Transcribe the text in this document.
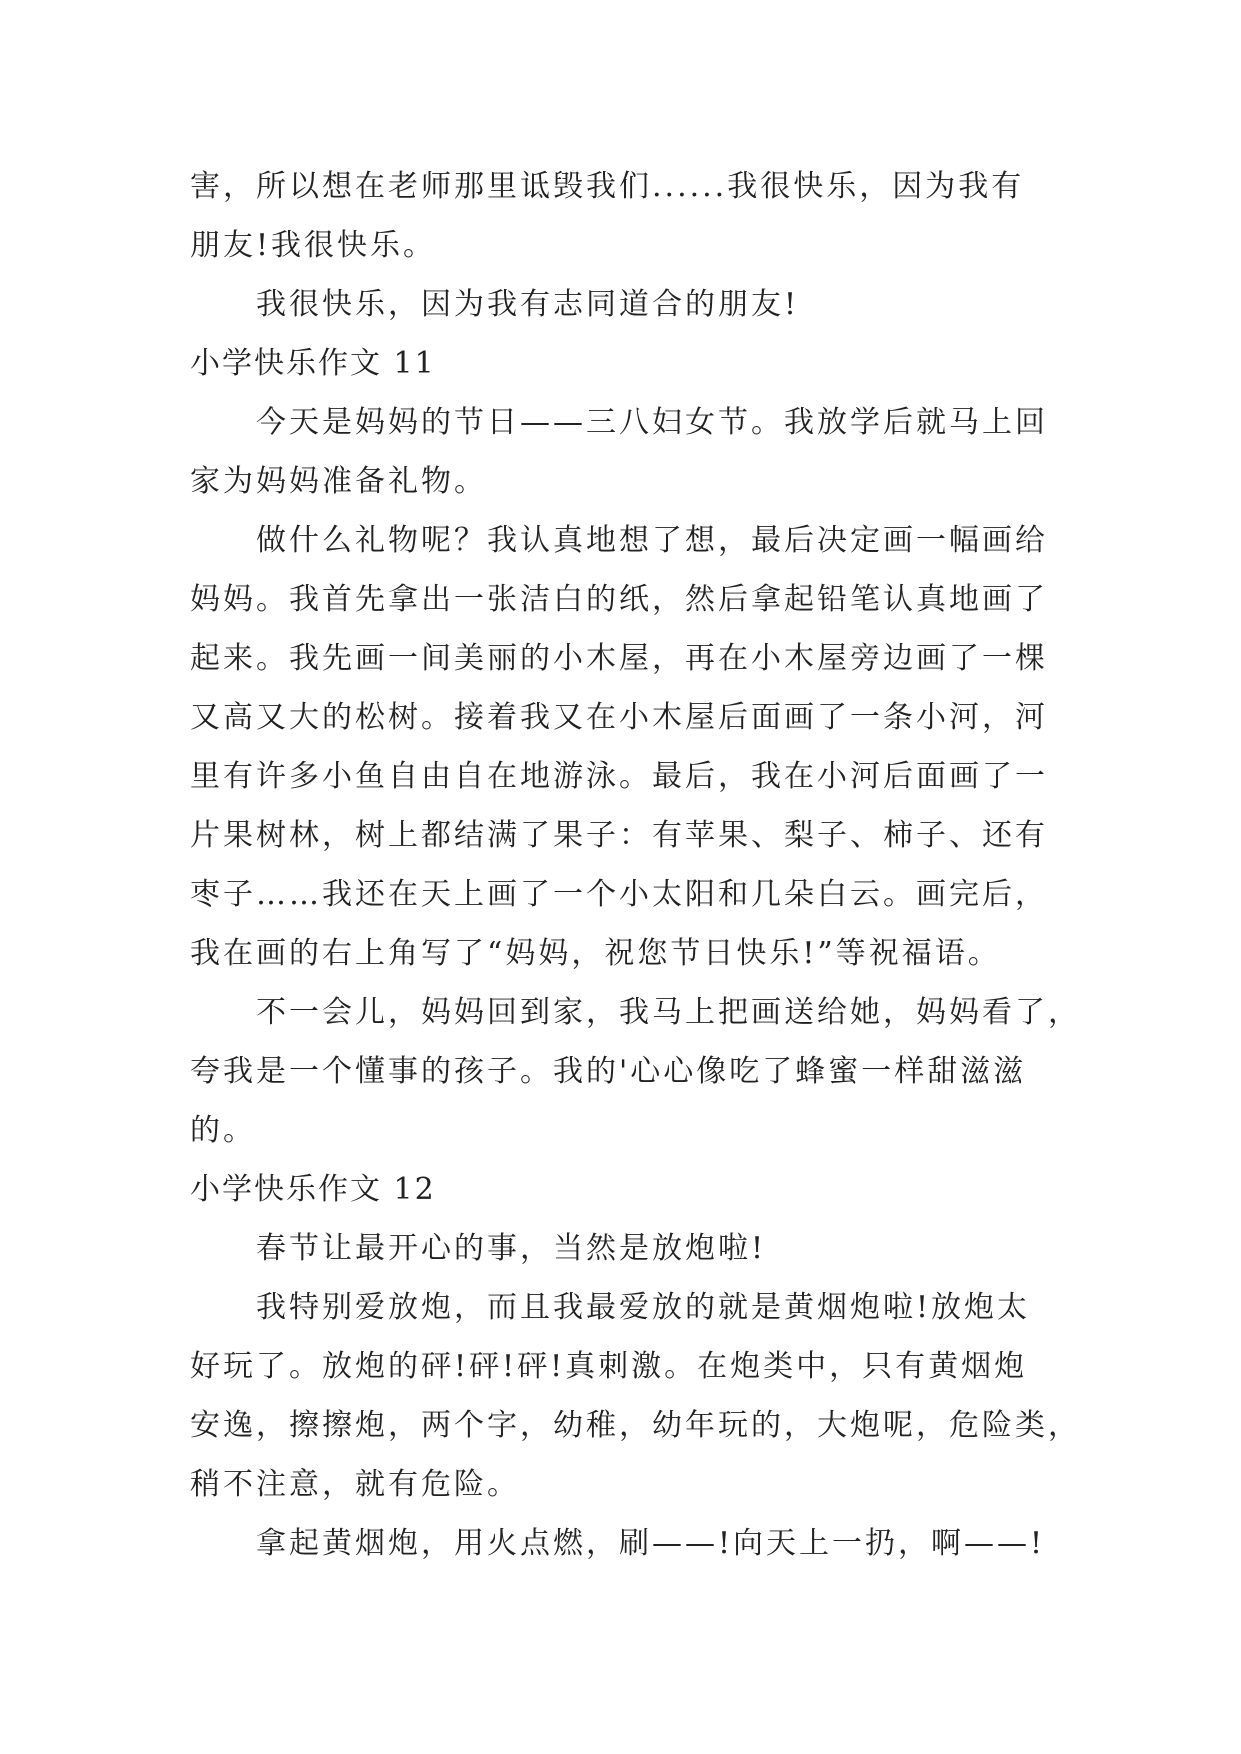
害，所以想在老师那里诋毁我们......我很快乐，因为我有
朋友!我很快乐。
我很快乐，因为我有志同道合的朋友!
小学快乐作文 11
今天是妈妈的节日——三八妇女节。我放学后就马上回
家为妈妈准备礼物。
做什么礼物呢？我认真地想了想，最后决定画一幅画给
妈妈。我首先拿出一张洁白的纸，然后拿起铅笔认真地画了
起来。我先画一间美丽的小木屋，再在小木屋旁边画了一棵
又高又大的松树。接着我又在小木屋后面画了一条小河，河
里有许多小鱼自由自在地游泳。最后，我在小河后面画了一
片果树林，树上都结满了果子：有苹果、梨子、柿子、还有
枣子……我还在天上画了一个小太阳和几朵白云。画完后，
我在画的右上角写了“妈妈，祝您节日快乐!”等祝福语。
不一会儿，妈妈回到家，我马上把画送给她，妈妈看了，
夸我是一个懂事的孩子。我的'心心像吃了蜂蜜一样甜滋滋
的。
小学快乐作文 12
春节让最开心的事，当然是放炮啦!
我特别爱放炮，而且我最爱放的就是黄烟炮啦!放炮太
好玩了。放炮的砰!砰!砰!真刺激。在炮类中，只有黄烟炮
安逸，擦擦炮，两个字，幼稚，幼年玩的，大炮呢，危险类，
稍不注意，就有危险。
拿起黄烟炮，用火点燃，刷——!向天上一扔，啊——!
